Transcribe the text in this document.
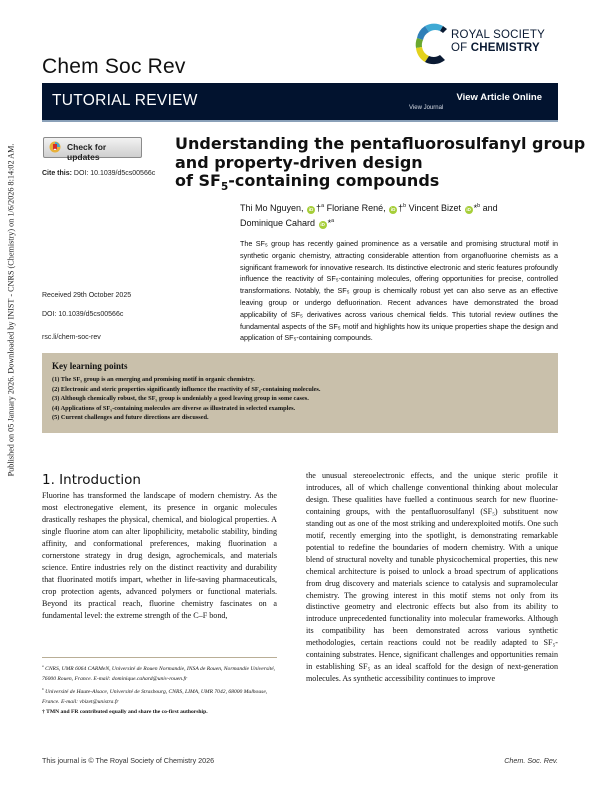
Published on 05 January 2026. Downloaded by INIST - CNRS (Chemistry) on 1/6/2026 8:14:02 AM.
Chem Soc Rev
ROYAL SOCIETY
OF CHEMISTRY
TUTORIAL REVIEW	View Article Online
View Journal
Check for updates
Cite this: DOI: 10.1039/d5cs00566c
Understanding the pentafluorosulfanyl group
and property-driven design
of $SF_5$-containing compounds
Thi Mo Nguyen, iD †$^a$ Floriane René, iD †$^b$ Vincent Bizet iD *$^b$ and
Dominique Cahard iD *$^a$
Received 29th October 2025
DOI: 10.1039/d5cs00566c
rsc.li/chem-soc-rev
The SF₅ group has recently gained prominence as a versatile and promising structural motif in synthetic organic chemistry, attracting considerable attention from organofluorine chemists as a significant framework for innovative research. Its distinctive electronic and steric features profoundly influence the reactivity of SF₅-containing molecules, offering opportunities for precise, controlled transformations. Notably, the SF₅ group is chemically robust yet can also serve as an effective leaving group or undergo defluorination. Recent advances have demonstrated the broad applicability of SF₅ derivatives across various chemical fields. This tutorial review outlines the fundamental aspects of the SF₅ motif and highlights how its unique properties shape the design and application of SF₅-containing compounds.
Key learning points
(1) The SF₅ group is an emerging and promising motif in organic chemistry.
(2) Electronic and steric properties significantly influence the reactivity of SF₅-containing molecules.
(3) Although chemically robust, the SF₅ group is undeniably a good leaving group in some cases.
(4) Applications of SF₅-containing molecules are diverse as illustrated in selected examples.
(5) Current challenges and future directions are discussed.
1. Introduction
Fluorine has transformed the landscape of modern chemistry. As the most electronegative element, its presence in organic molecules drastically reshapes the physical, chemical, and biological properties. A single fluorine atom can alter lipophilicity, metabolic stability, binding affinity, and conformational preferences, making fluorination a cornerstone strategy in drug design, agrochemicals, and materials science. Entire industries rely on the distinct reactivity and durability that fluorinated motifs impart, whether in life-saving pharmaceuticals, crop protection agents, advanced polymers or functional materials. Beyond its practical reach, fluorine chemistry fascinates on a fundamental level: the extreme strength of the C–F bond,
the unusual stereoelectronic effects, and the unique steric profile it introduces, all of which challenge conventional thinking about molecular design. These qualities have fuelled a continuous search for new fluorine-containing groups, with the pentafluorosulfanyl (SF₅) substituent now standing out as one of the most striking and underexploited motifs. One such motif, recently emerging into the spotlight, is demonstrating remarkable potential to redefine the boundaries of modern chemistry. With a unique blend of structural novelty and tunable physicochemical properties, this new chemical architecture is poised to unlock a broad spectrum of applications from drug discovery and materials science to catalysis and supramolecular chemistry. The growing interest in this motif stems not only from its distinctive geometry and electronic effects but also from its ability to introduce unprecedented functionality into molecular frameworks. Although its compatibility has been demonstrated across various synthetic methodologies, certain reactions could not be readily adapted to SF₅-containing substrates. Hence, significant challenges and opportunities remain in establishing SF₅ as an ideal scaffold for the design of next-generation molecules. As synthetic accessibility continues to improve
$^a$ CNRS, UMR 6064 CARMeN, Université de Rouen Normandie, INSA de Rouen, Normandie Université, 76000 Rouen, France. E-mail: dominique.cahard@univ-rouen.fr
$^b$ Université de Haute-Alsace, Université de Strasbourg, CNRS, LIMA, UMR 7042, 68000 Mulhouse, France. E-mail: vbizet@unistra.fr
† TMN and FR contributed equally and share the co-first authorship.
This journal is © The Royal Society of Chemistry 2026	Chem. Soc. Rev.
